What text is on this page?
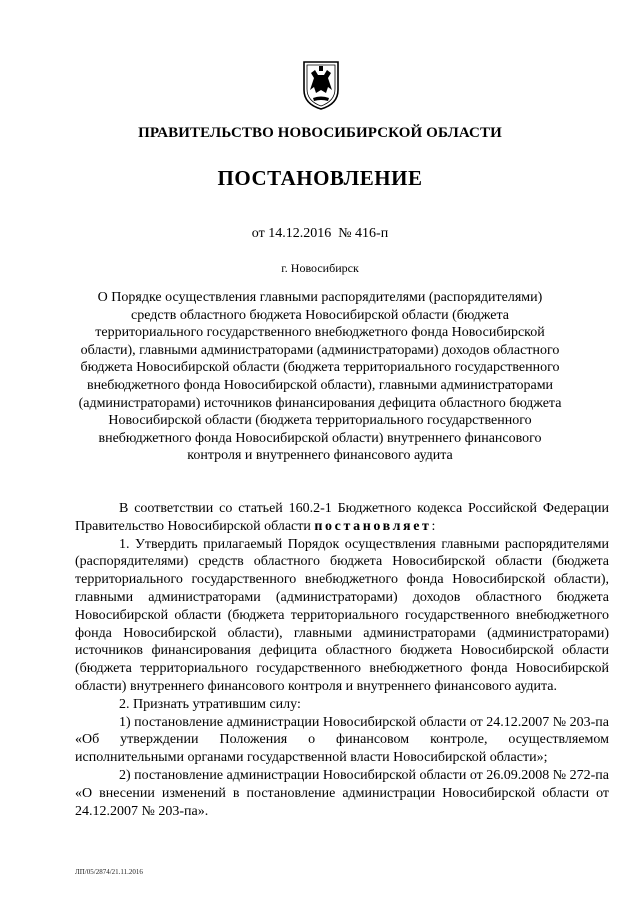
ПРАВИТЕЛЬСТВО НОВОСИБИРСКОЙ ОБЛАСТИ
ПОСТАНОВЛЕНИЕ
от 14.12.2016  № 416-п
г. Новосибирск
О Порядке осуществления главными распорядителями (распорядителями) средств областного бюджета Новосибирской области (бюджета территориального государственного внебюджетного фонда Новосибирской области), главными администраторами (администраторами) доходов областного бюджета Новосибирской области (бюджета территориального государственного внебюджетного фонда Новосибирской области), главными администраторами (администраторами) источников финансирования дефицита областного бюджета Новосибирской области (бюджета территориального государственного внебюджетного фонда Новосибирской области) внутреннего финансового контроля и внутреннего финансового аудита

В соответствии со статьей 160.2-1 Бюджетного кодекса Российской Федерации Правительство Новосибирской области постановляет:

1. Утвердить прилагаемый Порядок осуществления главными распорядителями (распорядителями) средств областного бюджета Новосибирской области (бюджета территориального государственного внебюджетного фонда Новосибирской области), главными администраторами (администраторами) доходов областного бюджета Новосибирской области (бюджета территориального государственного внебюджетного фонда Новосибирской области), главными администраторами (администраторами) источников финансирования дефицита областного бюджета Новосибирской области (бюджета территориального государственного внебюджетного фонда Новосибирской области) внутреннего финансового контроля и внутреннего финансового аудита.

2. Признать утратившим силу:

1) постановление администрации Новосибирской области от 24.12.2007 № 203-па «Об утверждении Положения о финансовом контроле, осуществляемом исполнительными органами государственной власти Новосибирской области»;

2) постановление администрации Новосибирской области от 26.09.2008 № 272-па «О внесении изменений в постановление администрации Новосибирской области от 24.12.2007 № 203-па».

ЛП/05/2874/21.11.2016
